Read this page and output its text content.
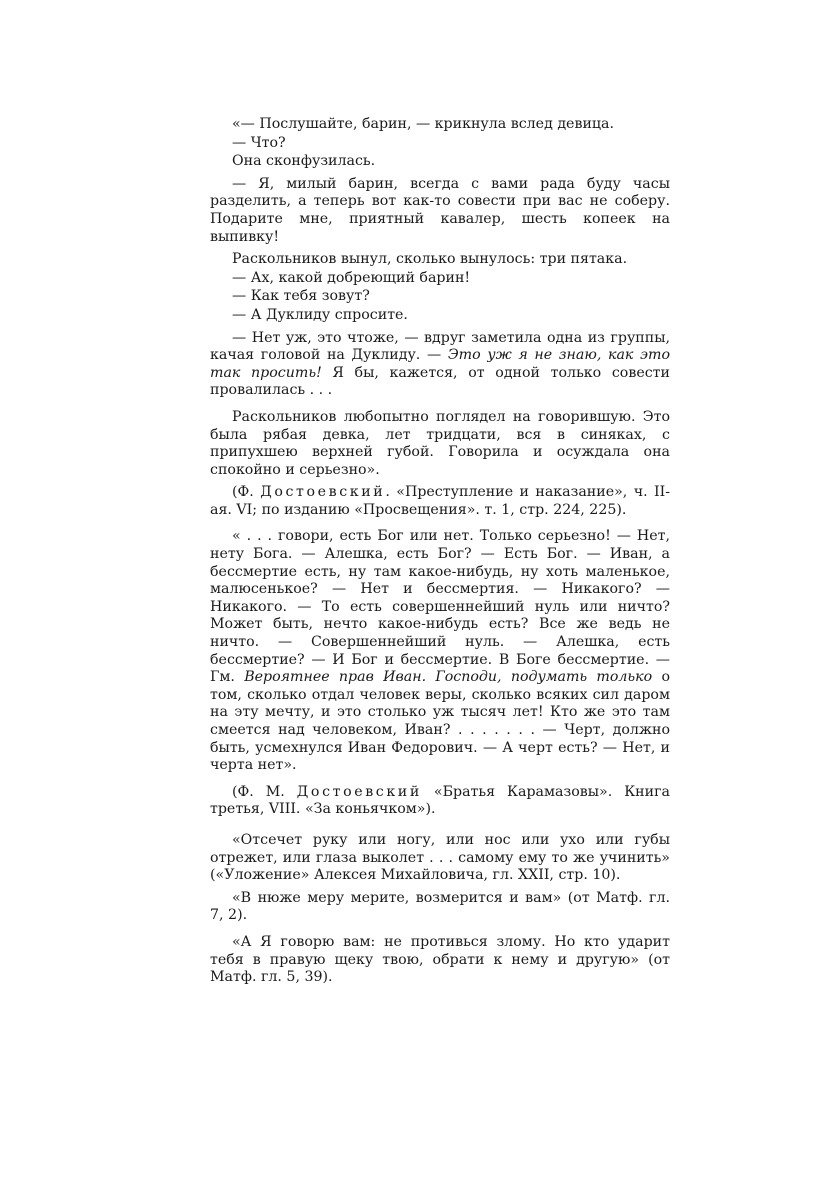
«— Послушайте, барин, — крикнула вслед девица.

— Что?

Она сконфузилась.

— Я, милый барин, всегда с вами рада буду часы разделить, а теперь вот как-то совести при вас не соберу. Подарите мне, приятный кавалер, шесть копеек на выпивку!

Раскольников вынул, сколько вынулось: три пятака.

— Ах, какой добреющий барин!

— Как тебя зовут?

— А Дуклиду спросите.

— Нет уж, это чтоже, — вдруг заметила одна из группы, качая головой на Дуклиду. — Это уж я не знаю, как это так просить! Я бы, кажется, от одной только совести провалилась . . .

Раскольников любопытно поглядел на говорившую. Это была рябая девка, лет тридцати, вся в синяках, с припухшею верхней губой. Говорила и осуждала она спокойно и серьезно».

(Ф. Достоевский. «Преступление и наказание», ч. II-ая. VI; по изданию «Просвещения». т. 1, стр. 224, 225).

« . . . говори, есть Бог или нет. Только серьезно! — Нет, нету Бога. — Алешка, есть Бог? — Есть Бог. — Иван, а бессмертие есть, ну там какое-нибудь, ну хоть маленькое, малюсенькое? — Нет и бессмертия. — Никакого? — Никакого. — То есть совершеннейший нуль или ничто? Может быть, нечто какое-нибудь есть? Все же ведь не ничто. — Совершеннейший нуль. — Алешка, есть бессмертие? — И Бог и бессмертие. В Боге бессмертие. — Гм. Вероятнее прав Иван. Господи, подумать только о том, сколько отдал человек веры, сколько всяких сил даром на эту мечту, и это столько уж тысяч лет! Кто же это там смеется над человеком, Иван? . . . . . . . — Черт, должно быть, усмехнулся Иван Федорович. — А черт есть? — Нет, и черта нет».

(Ф. М. Достоевский «Братья Карамазовы». Книга третья, VIII. «За коньячком»).

«Отсечет руку или ногу, или нос или ухо или губы отрежет, или глаза выколет . . . самому ему то же учинить» («Уложение» Алексея Михайловича, гл. XXII, стр. 10).

«В нюже меру мерите, возмерится и вам» (от Матф. гл. 7, 2).

«А Я говорю вам: не противься злому. Но кто ударит тебя в правую щеку твою, обрати к нему и другую» (от Матф. гл. 5, 39).
